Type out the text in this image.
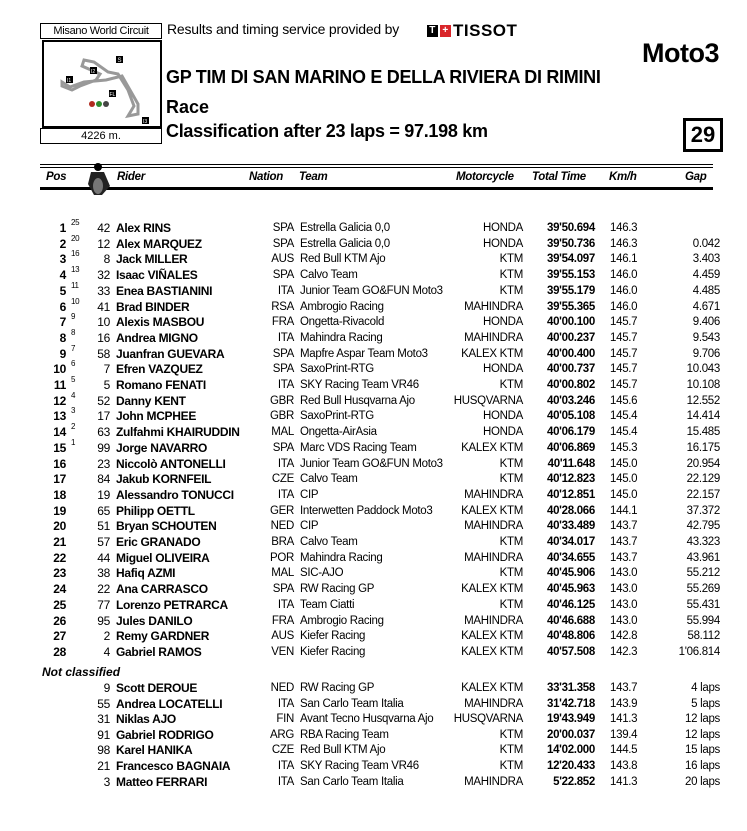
Misano World Circuit	Results and timing service provided by	T + TISSOT
S
I2
I1
FL
I3
4226 m.
Moto3
GP TIM DI SAN MARINO E DELLA RIVIERA DI RIMINI
Race
Classification after 23 laps = 97.198 km	29
Pos	Rider	Nation Team	Motorcycle Total Time Km/h	Gap
1 25	42 Alex RINS	SPA Estrella Galicia 0,0	HONDA	39'50.694 146.3
2 20	12 Alex MARQUEZ	SPA Estrella Galicia 0,0	HONDA	39'50.736 146.3	0.042
3 16	8 Jack MILLER	AUS Red Bull KTM Ajo	KTM	39'54.097 146.1	3.403
4 13	32 Isaac VIÑALES	SPA Calvo Team	KTM	39'55.153 146.0	4.459
5 11	33 Enea BASTIANINI	ITA Junior Team GO&FUN Moto3	KTM	39'55.179 146.0	4.485
6 10	41 Brad BINDER	RSA Ambrogio Racing	MAHINDRA	39'55.365 146.0	4.671
7 9	10 Alexis MASBOU	FRA Ongetta-Rivacold	HONDA	40'00.100 145.7	9.406
8 8	16 Andrea MIGNO	ITA Mahindra Racing	MAHINDRA	40'00.237 145.7	9.543
9 7	58 Juanfran GUEVARA	SPA Mapfre Aspar Team Moto3	KALEX KTM	40'00.400 145.7	9.706
10 6	7 Efren VAZQUEZ	SPA SaxoPrint-RTG	HONDA	40'00.737 145.7	10.043
11 5	5 Romano FENATI	ITA SKY Racing Team VR46	KTM	40'00.802 145.7	10.108
12 4	52 Danny KENT	GBR Red Bull Husqvarna Ajo	HUSQVARNA	40'03.246 145.6	12.552
13 3	17 John MCPHEE	GBR SaxoPrint-RTG	HONDA	40'05.108 145.4	14.414
14 2	63 Zulfahmi KHAIRUDDIN	MAL Ongetta-AirAsia	HONDA	40'06.179 145.4	15.485
15 1	99 Jorge NAVARRO	SPA Marc VDS Racing Team	KALEX KTM	40'06.869 145.3	16.175
16	23 Niccolò ANTONELLI	ITA Junior Team GO&FUN Moto3	KTM	40'11.648 145.0	20.954
17	84 Jakub KORNFEIL	CZE Calvo Team	KTM	40'12.823 145.0	22.129
18	19 Alessandro TONUCCI	ITA CIP	MAHINDRA	40'12.851 145.0	22.157
19	65 Philipp OETTL	GER Interwetten Paddock Moto3	KALEX KTM	40'28.066 144.1	37.372
20	51 Bryan SCHOUTEN	NED CIP	MAHINDRA	40'33.489 143.7	42.795
21	57 Eric GRANADO	BRA Calvo Team	KTM	40'34.017 143.7	43.323
22	44 Miguel OLIVEIRA	POR Mahindra Racing	MAHINDRA	40'34.655 143.7	43.961
23	38 Hafiq AZMI	MAL SIC-AJO	KTM	40'45.906 143.0	55.212
24	22 Ana CARRASCO	SPA RW Racing GP	KALEX KTM	40'45.963 143.0	55.269
25	77 Lorenzo PETRARCA	ITA Team Ciatti	KTM	40'46.125 143.0	55.431
26	95 Jules DANILO	FRA Ambrogio Racing	MAHINDRA	40'46.688 143.0	55.994
27	2 Remy GARDNER	AUS Kiefer Racing	KALEX KTM	40'48.806 142.8	58.112
28	4 Gabriel RAMOS	VEN Kiefer Racing	KALEX KTM	40'57.508 142.3	1'06.814
Not classified
9 Scott DEROUE	NED RW Racing GP	KALEX KTM	33'31.358 143.7	4 laps
55 Andrea LOCATELLI	ITA San Carlo Team Italia	MAHINDRA	31'42.718 143.9	5 laps
31 Niklas AJO	FIN Avant Tecno Husqvarna Ajo	HUSQVARNA	19'43.949 141.3	12 laps
91 Gabriel RODRIGO	ARG RBA Racing Team	KTM	20'00.037 139.4	12 laps
98 Karel HANIKA	CZE Red Bull KTM Ajo	KTM	14'02.000 144.5	15 laps
21 Francesco BAGNAIA	ITA SKY Racing Team VR46	KTM	12'20.433 143.8	16 laps
3 Matteo FERRARI	ITA San Carlo Team Italia	MAHINDRA	5'22.852 141.3	20 laps
